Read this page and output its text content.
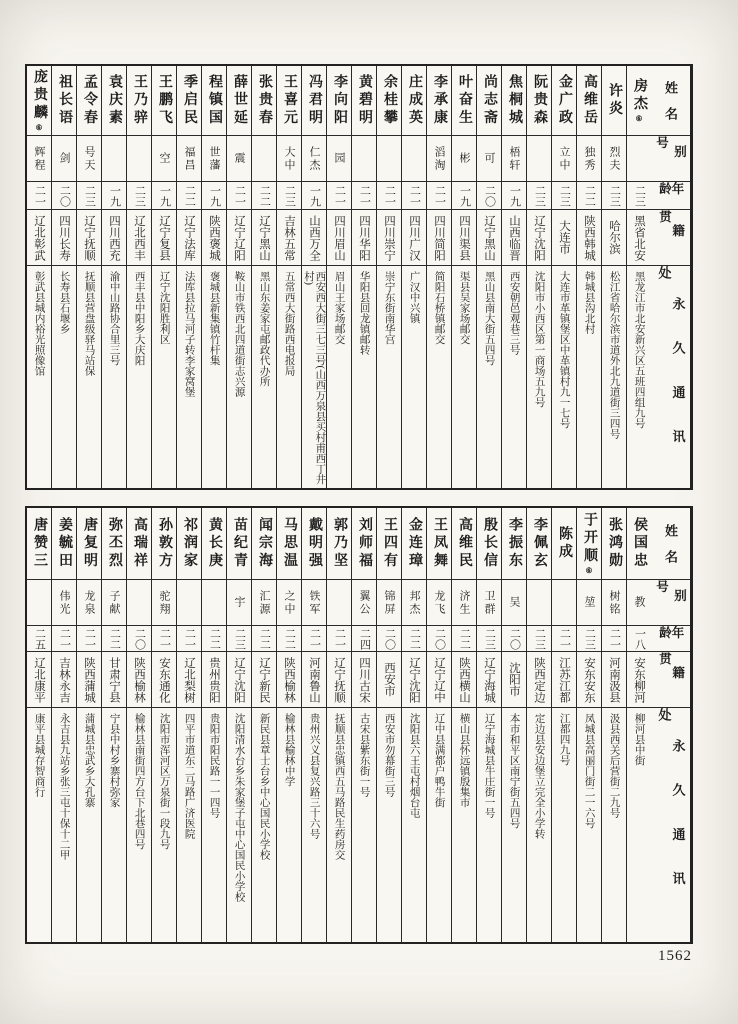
姓名
别号
年龄
籍贯
永久通讯处
房杰
⑥
二三
黑省北安
黑龙江市北安新兴区五班四组九号
许炎
烈夫
二三
哈尔滨
松江省哈尔滨市道外北九道街三四号
高维岳
独秀
二二
陕西韩城
韩城县沟北村
金广政
立中
二三
大连市
大连市革镇堡区中革镇村九一七号
阮贵森
二三
辽宁沈阳
沈阳市小西区第一商场五九号
焦桐城
梧轩
一九
山西临晋
西安朝邑观巷三号
尚志斋
可
二〇
辽宁黑山
黑山县南大街五四号
叶奋生
彬
一九
四川渠县
渠县吴家场邮交
李承康
滔淘
二一
四川简阳
简阳石桥镇邮交
庄成英
二一
四川广汉
广汉中兴镇
余桂攀
二一
四川崇宁
崇宁东街南华宫
黄碧明
二一
四川华阳
华阳县回龙镇邮转
李向阳
园
二一
四川眉山
眉山王家场邮交
冯君明
仁杰
一九
山西万全
西安西大街三七三号(山西万泉县买村甫西丁井村)
王喜元
大中
二三
吉林五常
五常西大街路西电报局
张贵春
二二
辽宁黑山
黑山东姜家屯邮政代办所
薛世延
震
二一
辽宁辽阳
鞍山市铁西北四道街志兴源
程镇国
世藩
一九
陕西褒城
褒城县新集镇竹杆集
季启民
福昌
二二
辽宁法库
法库县拉马河子转李家窝堡
王鹏飞
空
一九
辽宁复县
辽宁沈阳胜利区
王乃骍
二三
辽北西丰
西丰县中阳乡大庆阳
袁庆素
一九
四川西充
渝中山路协合里三号
孟令春
号天
二三
辽宁抚顺
抚顺县营盘级驿马站保
祖长语
剑
二〇
四川长寿
长寿县石堰乡
庞贵麟
⑥
辉程
二一
辽北彰武
彰武县城内裕光照像馆
姓名
别号
年龄
籍贯
永久通讯处
侯国忠
教
一八
安东柳河
柳河县中街
张鸿勋
树铭
二一
河南汲县
汲县西关后营街二九号
于开顺
⑥
堃
二三
安东安东
凤城县高丽门街二一六号
陈成
二一
江苏江都
江都四九号
李佩玄
二三
陕西定边
定边县安边堡立完全小学转
李振东
吴
二〇
沈阳市
本市和平区南宁街五四号
殷长信
卫群
二三
辽宁海城
辽宁海城县牛庄街一号
高维民
济生
二二
陕西横山
横山县怀远镇殷集市
王凤舞
龙飞
二〇
辽宁辽中
辽中县满都户鸭牛街
金连璋
邦杰
二二
辽宁沈阳
沈阳县六王屯村烟台屯
王四有
锦屏
二〇
西安市
西安市勿幕街三号
刘师福
翼公
二四
四川古宋
古宋县紫东街一号
郭乃坚
二一
辽宁抚顺
抚顺县忠镇西五马路民生药房交
戴明强
铁军
二一
河南鲁山
贵州兴义县复兴路三十六号
马思温
之中
二二
陕西榆林
榆林县榆林中学
闻宗海
汇源
二二
辽宁新民
新民县章士台乡中心国民小学校
苗纪青
宇
二三
辽宁沈阳
沈阳清水台乡朱家堡子屯中心国民小学校
黄长庚
二二
贵州贵阳
贵阳市阳民路一一四号
祁润家
二一
辽北梨树
四平市道东二马路广济医院
孙敦方
驼翔
二一
安东通化
沈阳市浑河区万泉街一段九号
高瑞祥
二〇
陕西榆林
榆林县南街四方台下北巷四号
弥丕烈
子献
二二
甘肃宁县
宁县中村乡寨村弥家
唐复明
龙泉
二一
陕西蒲城
蒲城县忠武乡大孔寨
姜毓田
伟光
二一
吉林永吉
永吉县九站乡张三屯十保十二甲
唐赞三
二五
辽北康平
康平县城存智商行
1562
